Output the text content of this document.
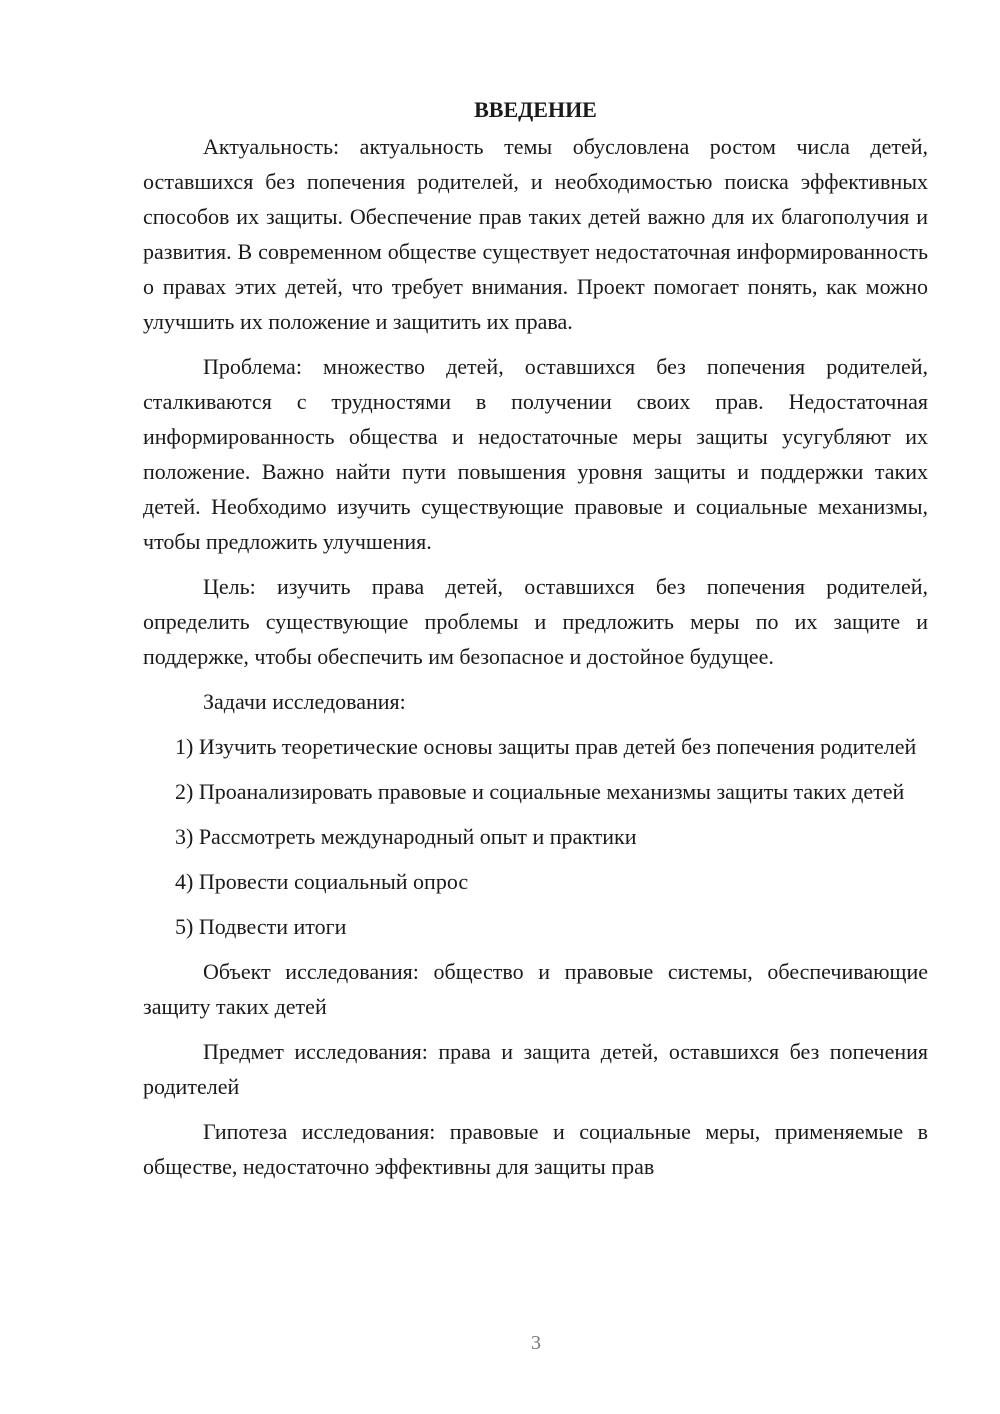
ВВЕДЕНИЕ

Актуальность: актуальность темы обусловлена ростом числа детей, оставшихся без попечения родителей, и необходимостью поиска эффективных способов их защиты. Обеспечение прав таких детей важно для их благополучия и развития. В современном обществе существует недостаточная информированность о правах этих детей, что требует внимания. Проект помогает понять, как можно улучшить их положение и защитить их права.

Проблема: множество детей, оставшихся без попечения родителей, сталкиваются с трудностями в получении своих прав. Недостаточная информированность общества и недостаточные меры защиты усугубляют их положение. Важно найти пути повышения уровня защиты и поддержки таких детей. Необходимо изучить существующие правовые и социальные механизмы, чтобы предложить улучшения.

Цель: изучить права детей, оставшихся без попечения родителей, определить существующие проблемы и предложить меры по их защите и поддержке, чтобы обеспечить им безопасное и достойное будущее.

Задачи исследования:

1) Изучить теоретические основы защиты прав детей без попечения родителей

2) Проанализировать правовые и социальные механизмы защиты таких детей

3) Рассмотреть международный опыт и практики

4) Провести социальный опрос

5) Подвести итоги

Объект исследования: общество и правовые системы, обеспечивающие защиту таких детей

Предмет исследования: права и защита детей, оставшихся без попечения родителей

Гипотеза исследования: правовые и социальные меры, применяемые в обществе, недостаточно эффективны для защиты прав

3
